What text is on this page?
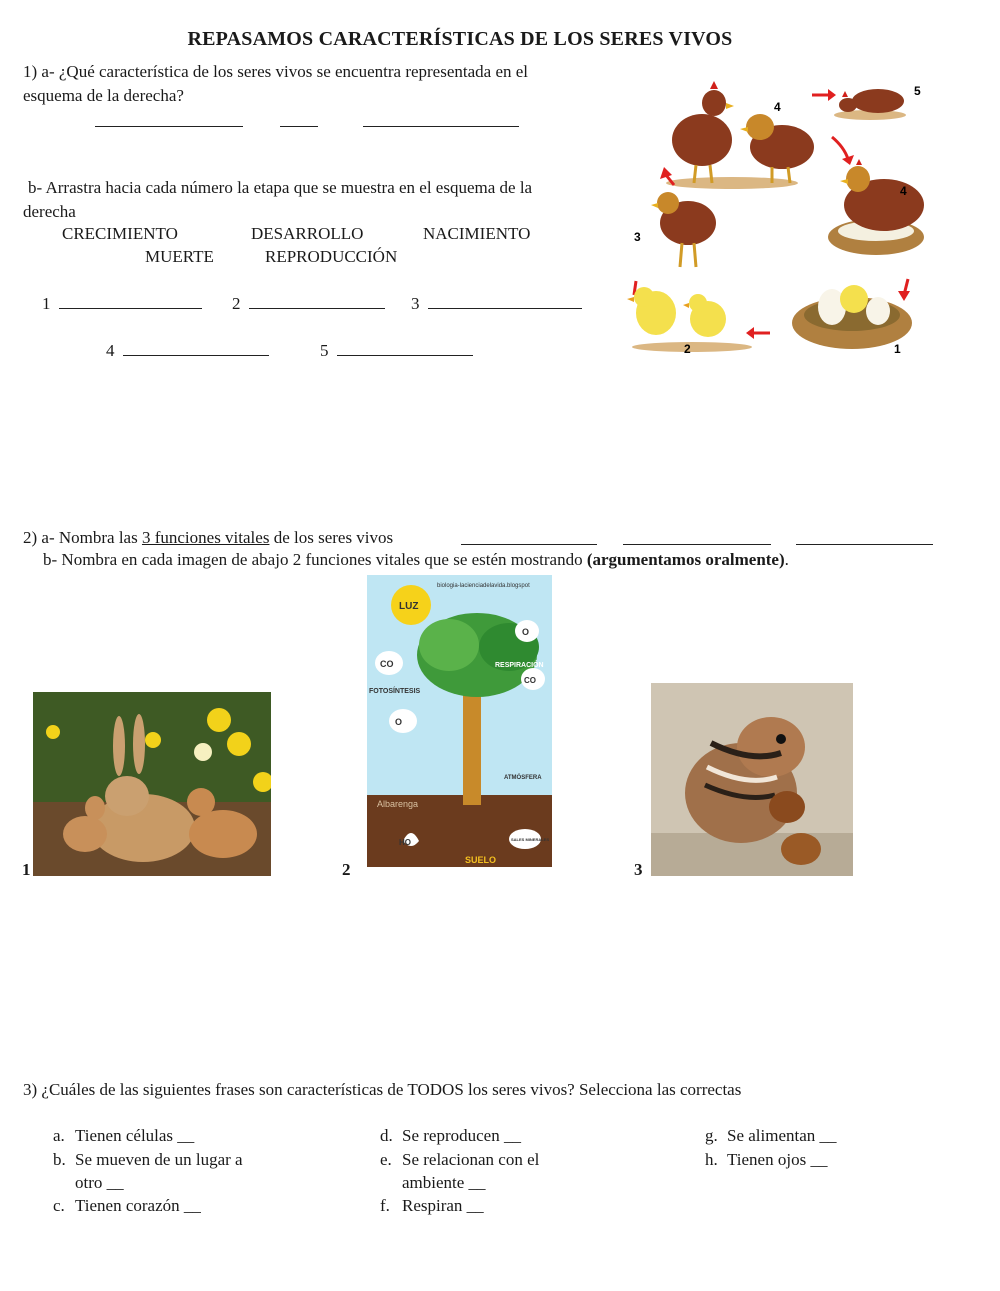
REPASAMOS CARACTERÍSTICAS DE LOS SERES VIVOS
1) a- ¿Qué característica de los seres vivos se encuentra representada en el
esquema de la derecha?

b- Arrastra hacia cada número la etapa que se muestra en el esquema de la
derecha
CRECIMIENTO	DESARROLLO	NACIMIENTO
MUERTE	REPRODUCCIÓN
1	2	3
4	5
4
5
4
3
2	1
2) a- Nombra las 3 funciones vitales de los seres vivos

b- Nombra en cada imagen de abajo 2 funciones vitales que se estén mostrando (argumentamos oralmente).
1
biologia-lacienciadelavida.blogspot
LUZ
O
CO	RESPIRACIÓN
CO
FOTOSÍNTESIS
O
ATMÓSFERA
Albarenga
HO	SALES MINERALES
SUELO
2	3
3) ¿Cuáles de las siguientes frases son características de TODOS los seres vivos? Selecciona las correctas
a. Tienen células __
b. Se mueven de un lugar a
otro __
c. Tienen corazón __
d. Se reproducen __
e. Se relacionan con el
ambiente __
f. Respiran __
g. Se alimentan __
h. Tienen ojos __
